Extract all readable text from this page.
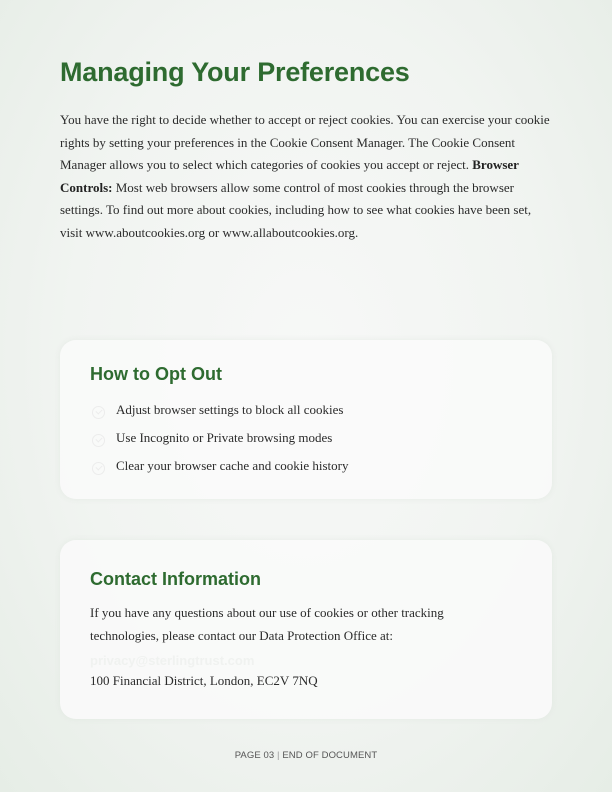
Managing Your Preferences

You have the right to decide whether to accept or reject cookies. You can exercise your cookie rights by setting your preferences in the Cookie Consent Manager. The Cookie Consent Manager allows you to select which categories of cookies you accept or reject. Browser Controls: Most web browsers allow some control of most cookies through the browser settings. To find out more about cookies, including how to see what cookies have been set, visit www.aboutcookies.org or www.allaboutcookies.org.

How to Opt Out
Adjust browser settings to block all cookies
Use Incognito or Private browsing modes
Clear your browser cache and cookie history
Contact Information

If you have any questions about our use of cookies or other tracking technologies, please contact our Data Protection Office at:

privacy@sterlingtrust.com
100 Financial District, London, EC2V 7NQ
PAGE 03 | END OF DOCUMENT
